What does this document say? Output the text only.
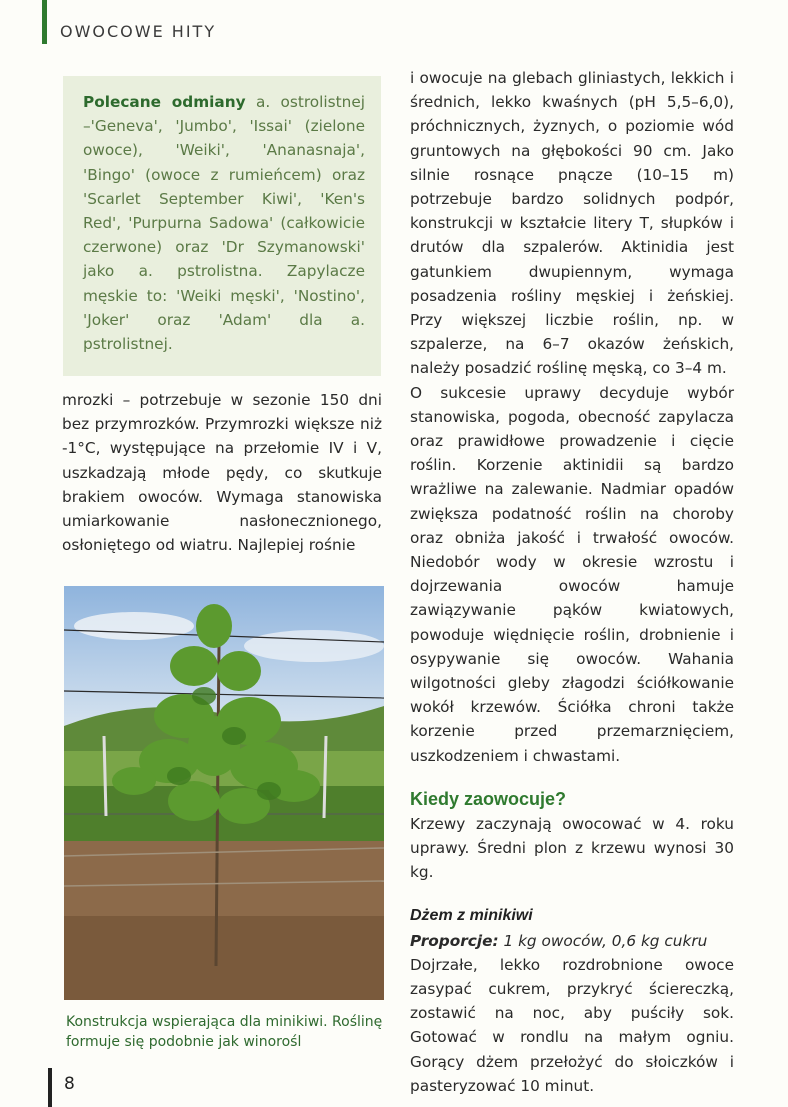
OWOCOWE HITY
Polecane odmiany a. ostrolistnej –'Geneva', 'Jumbo', 'Issai' (zielone owoce), 'Weiki', 'Ananasnaja', 'Bingo' (owoce z rumieńcem) oraz 'Scarlet September Kiwi', 'Ken's Red', 'Purpurna Sadowa' (całkowicie czerwone) oraz 'Dr Szymanowski' jako a. pstrolistna. Zapylacze męskie to: 'Weiki męski', 'Nostino', 'Joker' oraz 'Adam' dla a. pstrolistnej.

mrozki – potrzebuje w sezonie 150 dni bez przymrozków. Przymrozki większe niż -1°C, występujące na przełomie IV i V, uszkadzają młode pędy, co skutkuje brakiem owoców. Wymaga stanowiska umiarkowanie nasłonecznionego, osłoniętego od wiatru. Najlepiej rośnie

Konstrukcja wspierająca dla minikiwi. Roślinę formuje się podobnie jak winorośl

i owocuje na glebach gliniastych, lekkich i średnich, lekko kwaśnych (pH 5,5–6,0), próchnicznych, żyznych, o poziomie wód gruntowych na głębokości 90 cm. Jako silnie rosnące pnącze (10–15 m) potrzebuje bardzo solidnych podpór, konstrukcji w kształcie litery T, słupków i drutów dla szpalerów. Aktinidia jest gatunkiem dwupiennym, wymaga posadzenia rośliny męskiej i żeńskiej. Przy większej liczbie roślin, np. w szpalerze, na 6–7 okazów żeńskich, należy posadzić roślinę męską, co 3–4 m.

O sukcesie uprawy decyduje wybór stanowiska, pogoda, obecność zapylacza oraz prawidłowe prowadzenie i cięcie roślin. Korzenie aktinidii są bardzo wrażliwe na zalewanie. Nadmiar opadów zwiększa podatność roślin na choroby oraz obniża jakość i trwałość owoców. Niedobór wody w okresie wzrostu i dojrzewania owoców hamuje zawiązywanie pąków kwiatowych, powoduje więdnięcie roślin, drobnienie i osypywanie się owoców. Wahania wilgotności gleby złagodzi ściółkowanie wokół krzewów. Ściółka chroni także korzenie przed przemarznięciem, uszkodzeniem i chwastami.

Kiedy zaowocuje?

Krzewy zaczynają owocować w 4. roku uprawy. Średni plon z krzewu wynosi 30 kg.

Dżem z minikiwi

Proporcje: 1 kg owoców, 0,6 kg cukru

Dojrzałe, lekko rozdrobnione owoce zasypać cukrem, przykryć ściereczką, zostawić na noc, aby puściły sok. Gotować w rondlu na małym ogniu. Gorący dżem przełożyć do słoiczków i pasteryzować 10 minut.

8
